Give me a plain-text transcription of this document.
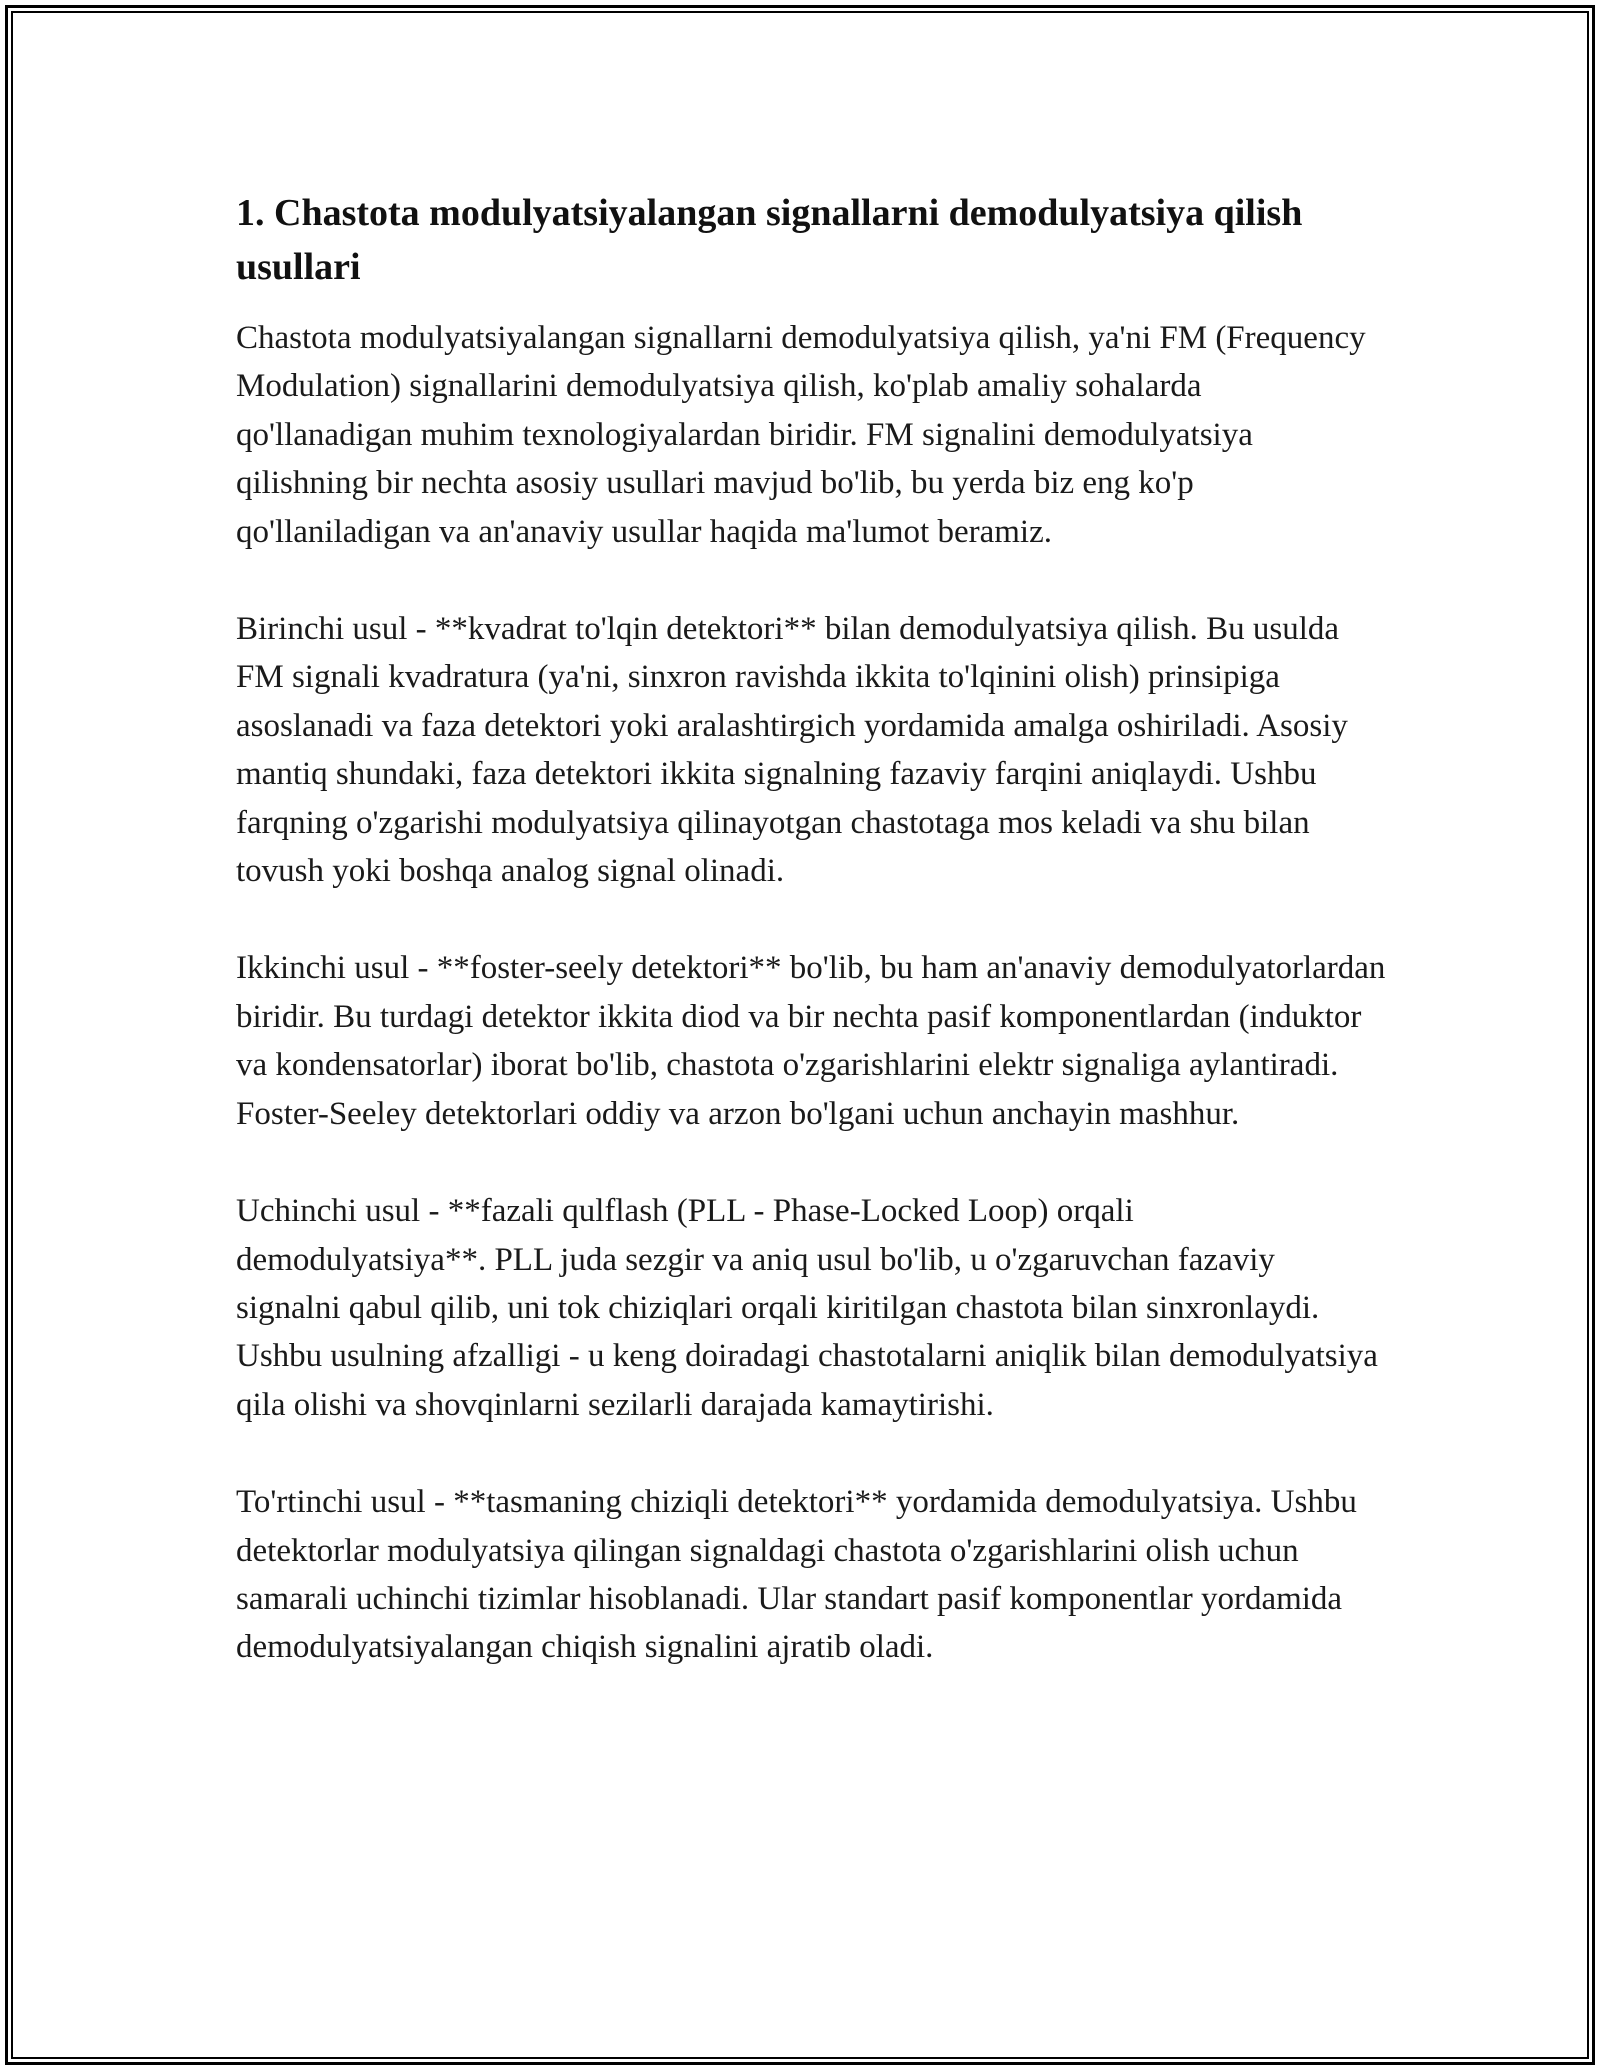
1. Chastota modulyatsiyalangan signallarni demodulyatsiya qilish usullari

Chastota modulyatsiyalangan signallarni demodulyatsiya qilish, ya'ni FM (Frequency Modulation) signallarini demodulyatsiya qilish, ko'plab amaliy sohalarda qo'llanadigan muhim texnologiyalardan biridir. FM signalini demodulyatsiya qilishning bir nechta asosiy usullari mavjud bo'lib, bu yerda biz eng ko'p qo'llaniladigan va an'anaviy usullar haqida ma'lumot beramiz.

Birinchi usul - **kvadrat to'lqin detektori** bilan demodulyatsiya qilish. Bu usulda FM signali kvadratura (ya'ni, sinxron ravishda ikkita to'lqinini olish) prinsipiga asoslanadi va faza detektori yoki aralashtirgich yordamida amalga oshiriladi. Asosiy mantiq shundaki, faza detektori ikkita signalning fazaviy farqini aniqlaydi. Ushbu farqning o'zgarishi modulyatsiya qilinayotgan chastotaga mos keladi va shu bilan tovush yoki boshqa analog signal olinadi.

Ikkinchi usul - **foster-seely detektori** bo'lib, bu ham an'anaviy demodulyatorlardan biridir. Bu turdagi detektor ikkita diod va bir nechta pasif komponentlardan (induktor va kondensatorlar) iborat bo'lib, chastota o'zgarishlarini elektr signaliga aylantiradi. Foster-Seeley detektorlari oddiy va arzon bo'lgani uchun anchayin mashhur.

Uchinchi usul - **fazali qulflash (PLL - Phase-Locked Loop) orqali demodulyatsiya**. PLL juda sezgir va aniq usul bo'lib, u o'zgaruvchan fazaviy signalni qabul qilib, uni tok chiziqlari orqali kiritilgan chastota bilan sinxronlaydi. Ushbu usulning afzalligi - u keng doiradagi chastotalarni aniqlik bilan demodulyatsiya qila olishi va shovqinlarni sezilarli darajada kamaytirishi.

To'rtinchi usul - **tasmaning chiziqli detektori** yordamida demodulyatsiya. Ushbu detektorlar modulyatsiya qilingan signaldagi chastota o'zgarishlarini olish uchun samarali uchinchi tizimlar hisoblanadi. Ular standart pasif komponentlar yordamida demodulyatsiyalangan chiqish signalini ajratib oladi.
